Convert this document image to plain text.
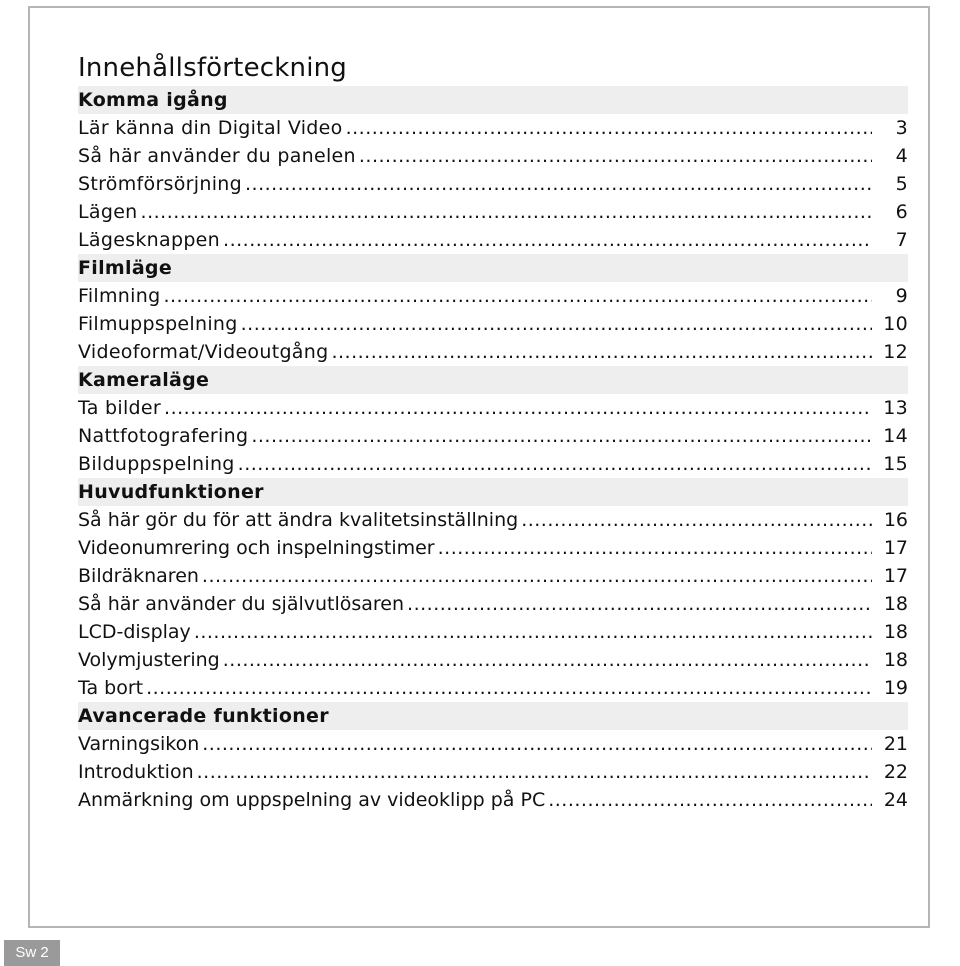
Innehållsförteckning
Komma igång
Lär känna din Digital Video .....	3
Så här använder du panelen .....	4
Strömförsörjning .....	5
Lägen .....	6
Lägesknappen .....	7
Filmläge
Filmning .....	9
Filmuppspelning .....	10
Videoformat/Videoutgång .....	12
Kameraläge
Ta bilder .....	13
Nattfotografering .....	14
Bilduppspelning .....	15
Huvudfunktioner
Så här gör du för att ändra kvalitetsinställning .....	16
Videonumrering och inspelningstimer .....	17
Bildräknaren .....	17
Så här använder du självutlösaren .....	18
LCD-display .....	18
Volymjustering .....	18
Ta bort .....	19
Avancerade funktioner
Varningsikon .....	21
Introduktion .....	22
Anmärkning om uppspelning av videoklipp på PC .....	24
Sw 2
